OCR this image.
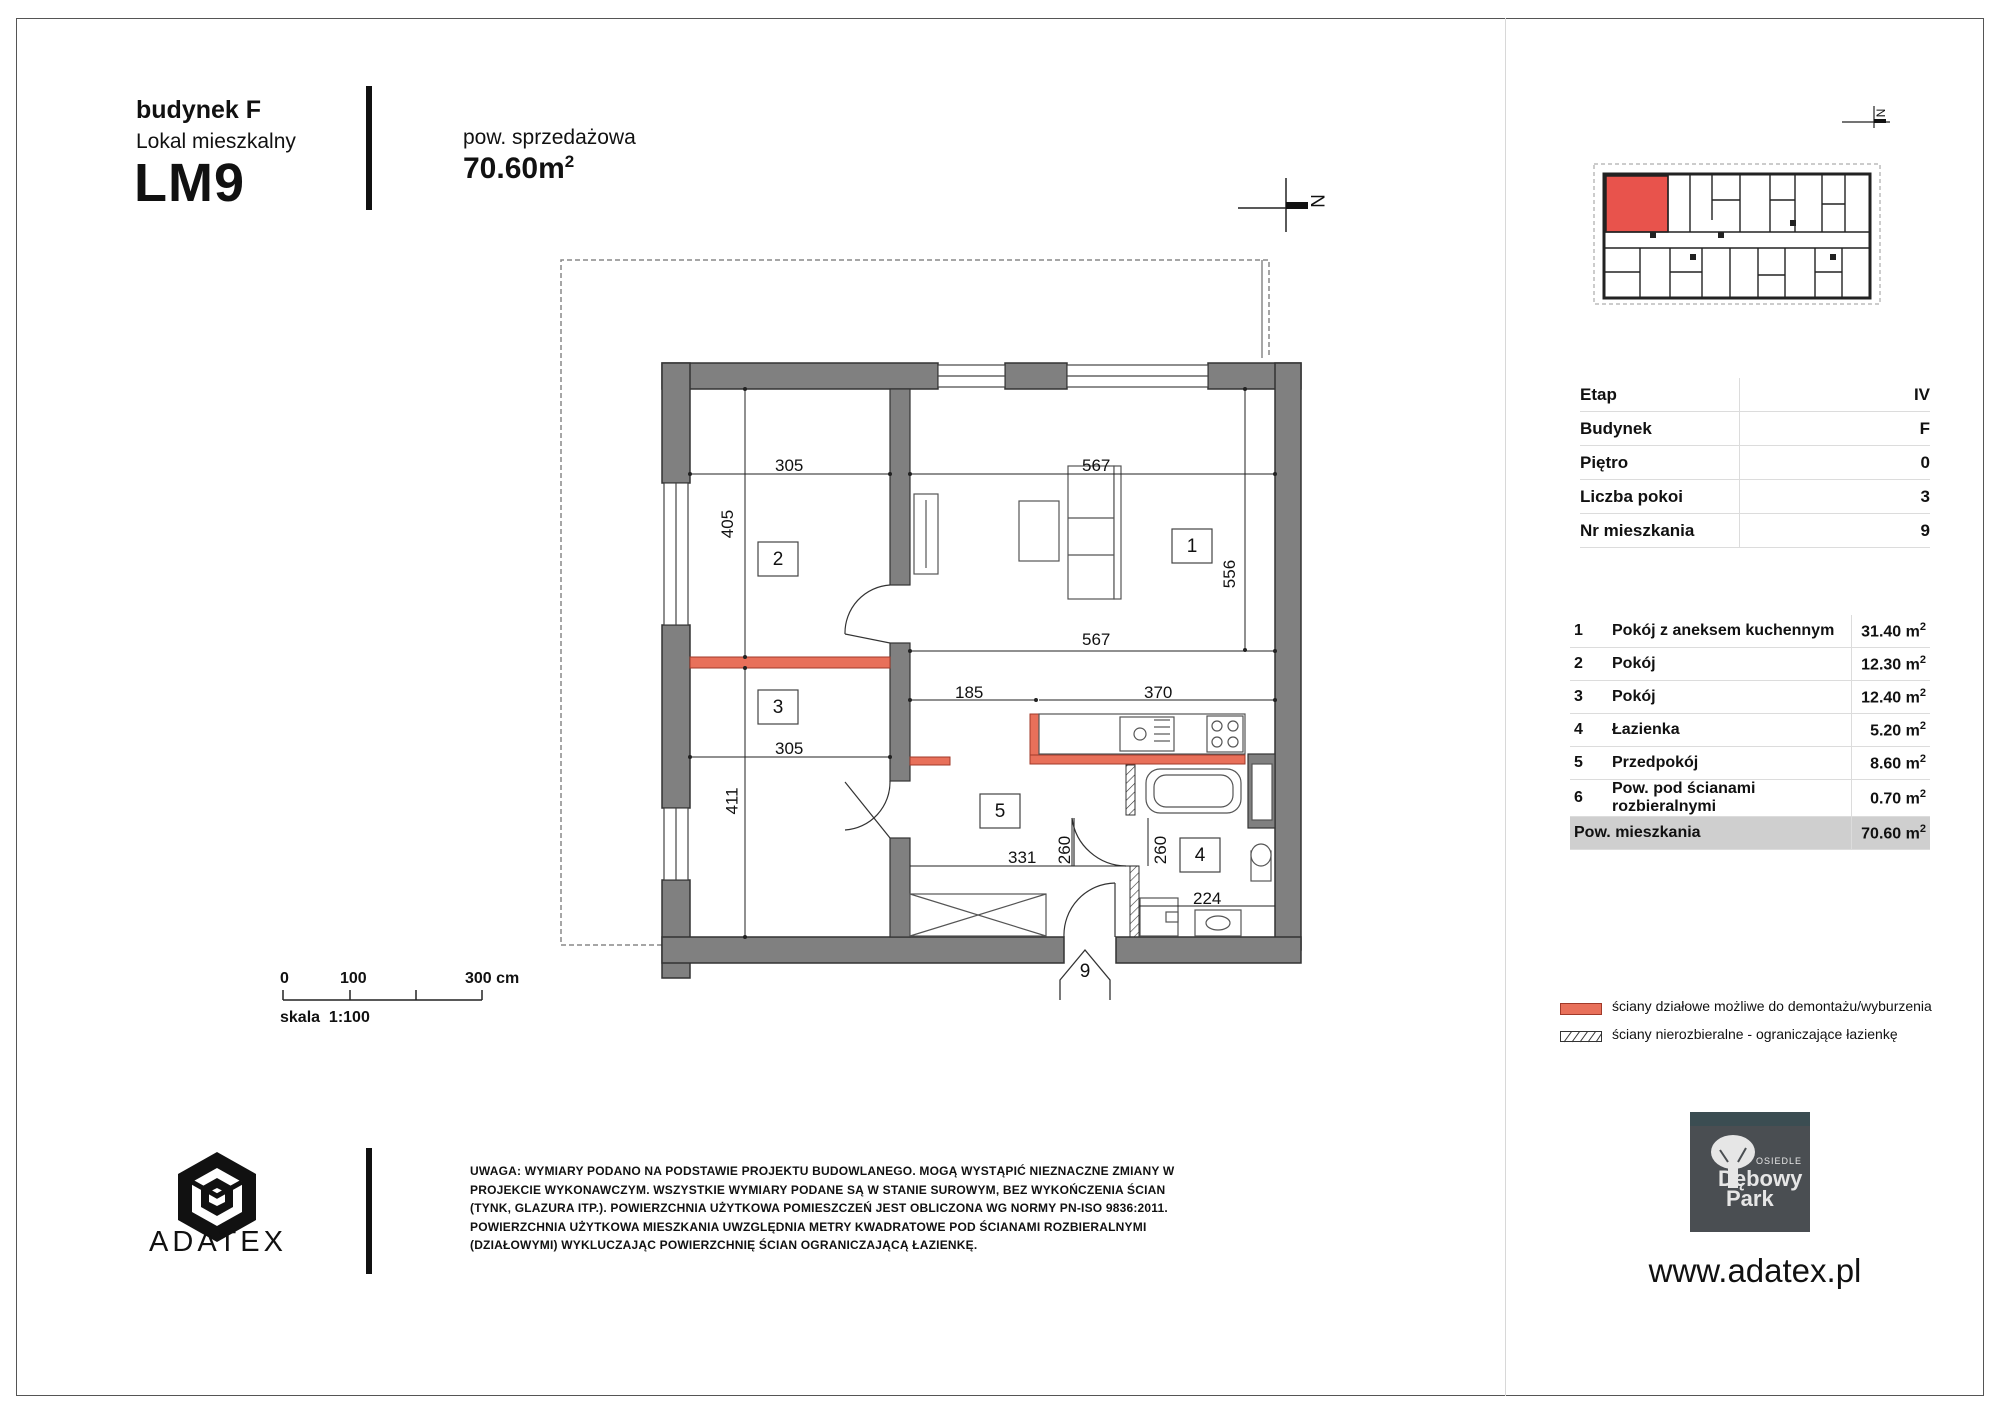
budynek F
Lokal mieszkalny
LM9
pow. sprzedażowa
$70.60m^2$
N
1
2
3
4
5
9
305	567
405
556
567
185	370
305
411
331 260	260
224
0	100	300 cm
skala  1:100
ADATEX
UWAGA: WYMIARY PODANO NA PODSTAWIE PROJEKTU BUDOWLANEGO. MOGĄ WYSTĄPIĆ NIEZNACZNE ZMIANY W PROJEKCIE WYKONAWCZYM. WSZYSTKIE WYMIARY PODANE SĄ W STANIE SUROWYM, BEZ WYKOŃCZENIA ŚCIAN (TYNK, GLAZURA ITP.). POWIERZCHNIA UŻYTKOWA POMIESZCZEŃ JEST OBLICZONA WG NORMY PN-ISO 9836:2011. POWIERZCHNIA UŻYTKOWA MIESZKANIA UWZGLĘDNIA METRY KWADRATOWE POD ŚCIANAMI ROZBIERALNYMI (DZIAŁOWYMI) WYKLUCZAJĄC POWIERZCHNIĘ ŚCIAN OGRANICZAJĄCĄ ŁAZIENKĘ.
N
Etap	IV
Budynek	F
Piętro	0
Liczba pokoi	3
Nr mieszkania	9
1	Pokój z aneksem kuchennym	31.40 $m^2$
2	Pokój	12.30 $m^2$
3	Pokój	12.40 $m^2$
4	Łazienka	5.20 $m^2$
5	Przedpokój	8.60 $m^2$
6	Pow. pod ścianami rozbieralnymi	0.70 $m^2$
Pow. mieszkania		70.60 $m^2$
ściany działowe możliwe do demontażu/wyburzenia
ściany nierozbieralne - ograniczające łazienkę
OSIEDLE
Dębowy
Park
www.adatex.pl
